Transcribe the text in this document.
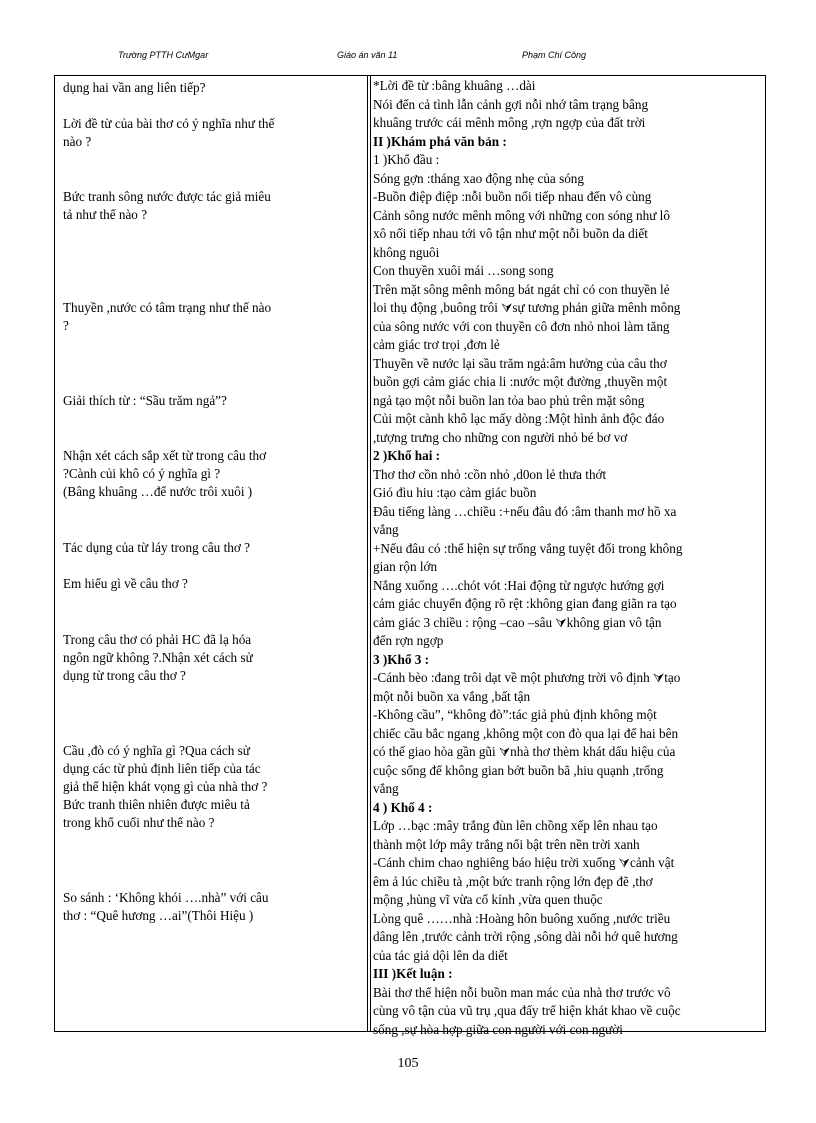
Trường PTTH CưMgar	Giáo án văn 11	Phạm Chí Công
dụng hai vần ang liên tiếp?
Lời đề từ của bài thơ có ý nghĩa như thế
nào ?
Bức tranh sông nước được tác giả miêu
tả như thế nào ?
Thuyền ,nước có tâm trạng như thế nào
?
Giải thích từ : “Sầu trăm ngả”?
Nhận xét cách sắp xết từ trong câu thơ
?Cành củi khô có ý nghĩa gì ?
(Bâng khuâng …để nước trôi xuôi )
Tác dụng của từ láy trong câu thơ ?
Em hiểu gì về câu thơ ?
Trong câu thơ có phải HC đã lạ hóa
ngôn ngữ không ?.Nhận xét cách sử
dụng từ trong câu thơ ?
Cầu ,đò có ý nghĩa gì ?Qua cách sử
dụng các từ phủ định liên tiếp của tác
giả thể hiện khát vọng gì của nhà thơ ?
Bức tranh thiên nhiên được miêu tả
trong khổ cuối như thế nào ?
So sánh : ‘Không khói ….nhà” với câu
thơ : “Quê hương …ai”(Thôi Hiệu )
*Lời đề từ :bâng khuâng …dài
Nói đến cả tình lẫn cảnh gợi nỗi nhớ tâm trạng bâng
khuâng trước cái mênh mông ,rợn ngợp của đất trời
II )Khám phá văn bản :
1 )Khổ đầu :
Sóng gợn :tháng xao động nhẹ của sóng
-Buồn điệp điệp :nỗi buồn nối tiếp nhau đến vô cùng
Cảnh sông nước mênh mông với những con sóng như lô
xô nối tiếp nhau tới vô tận như một nỗi buồn da diết
không nguôi
Con thuyền xuôi mái …song song
Trên mặt sông mênh mông bát ngát chỉ có con thuyền lẻ
loi thụ động ,buông trôi ⮛sự tương phản giữa mênh mông
của sông nước với con thuyền cô đơn nhỏ nhoi làm tăng
cảm giác trơ trọi ,đơn lẻ
Thuyền về nước lại sầu trăm ngả:âm hưởng của câu thơ
buồn gợi cảm giác chia li :nước một đường ,thuyền một
ngả tạo một nỗi buồn lan tỏa bao phủ trên mặt sông
Củi một cành khô lạc mấy dòng :Một hình ảnh độc đáo
,tượng trưng cho những con người nhỏ bé bơ vơ
2 )Khổ hai :
Thơ thơ cồn nhỏ :cồn nhỏ ,d0on lẻ thưa thớt
Gió đìu hiu :tạo cảm giác buồn
Đâu tiếng làng …chiều :+nếu đâu đó :âm thanh mơ hồ xa
vắng
+Nếu đâu có :thể hiện sự trống vắng tuyệt đối trong không
gian rộn lớn
Nắng xuống ….chót vót :Hai động từ ngược hướng gợi
cảm giác chuyển động rõ rệt :không gian đang giãn ra tạo
cảm giác 3 chiều : rộng –cao –sâu ⮛không gian vô tận
đến rợn ngợp
3 )Khổ 3 :
-Cánh bèo :đang trôi dạt về một phương trời vô định ⮛tạo
một nỗi buồn xa vắng ,bất tận
-Không cầu”, “không đò”:tác giả phủ định không một
chiếc cầu bắc ngang ,không một con đò qua lại để hai bên
có thể giao hòa gần gũi ⮛nhà thơ thèm khát dấu hiệu của
cuộc sống để không gian bớt buồn bã ,hiu quạnh ,trống
vắng
4 ) Khổ 4 :
Lớp …bạc :mây trắng đùn lên chồng xếp lên nhau tạo
thành một lớp mây trắng nổi bật trên nền trời xanh
-Cánh chim chao nghiêng báo hiệu trời xuống ⮛cảnh vật
êm ả lúc chiều tà ,một bức tranh rộng lớn đẹp đẽ ,thơ
mộng ,hùng vĩ vừa cổ kính ,vừa quen thuộc
Lòng quê ……nhà :Hoàng hôn buông xuống ,nước triều
dâng lên ,trước cảnh trời rộng ,sông dài nỗi hớ quê hương
của tác giả dội lên da diết
III )Kết luận :
Bài thơ thể hiện nỗi buồn man mác của nhà thơ trước vô
cùng vô tận của vũ trụ ,qua đấy trể hiện khát khao về cuộc
sống ,sự hòa hợp giữa con người với con người
105
